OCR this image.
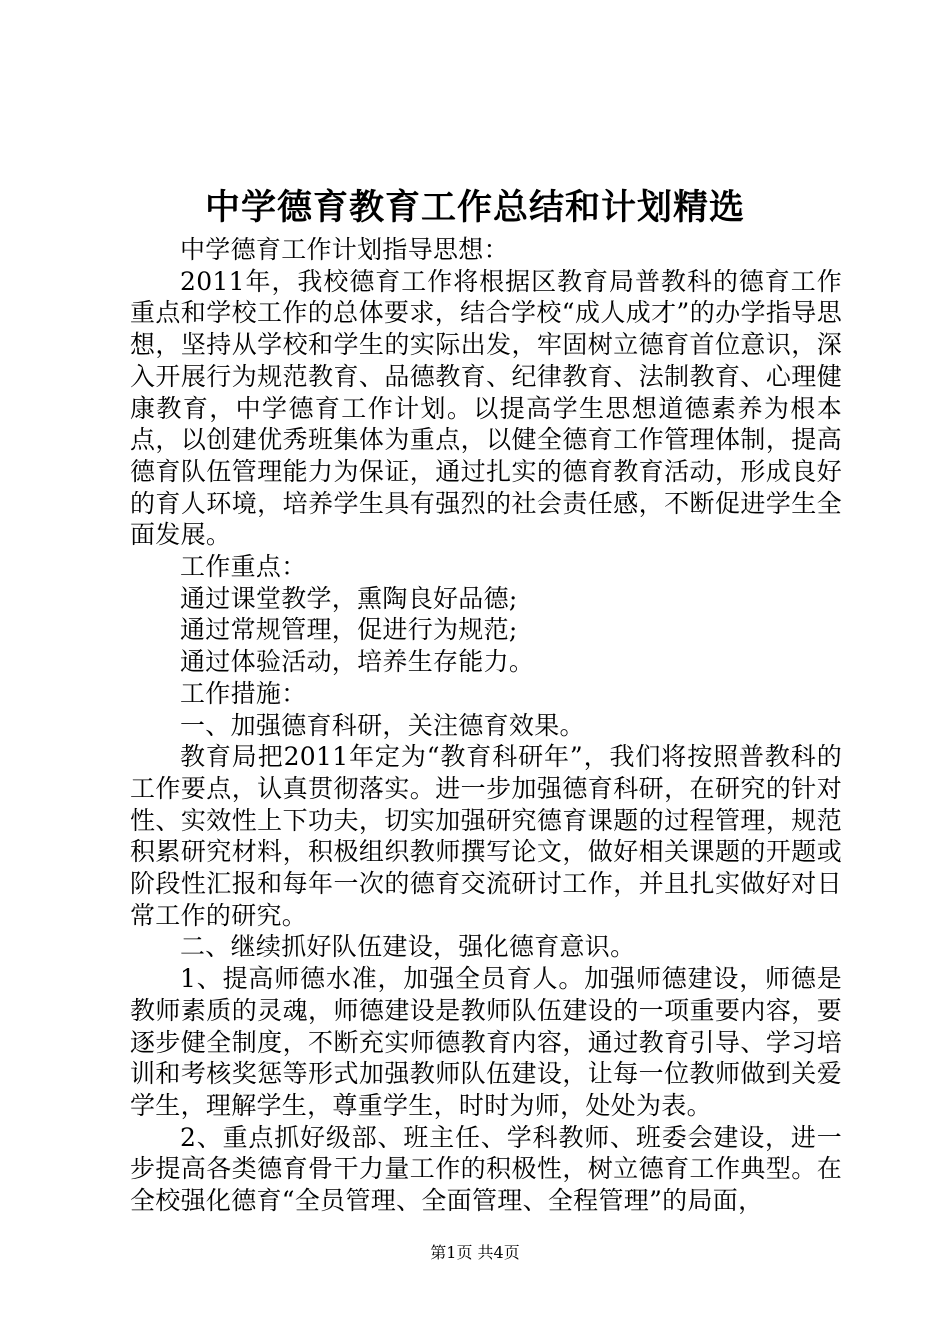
中学德育教育工作总结和计划精选

中学德育工作计划指导思想：

2011年，我校德育工作将根据区教育局普教科的德育工作重点和学校工作的总体要求，结合学校“成人成才”的办学指导思想，坚持从学校和学生的实际出发，牢固树立德育首位意识，深入开展行为规范教育、品德教育、纪律教育、法制教育、心理健康教育，中学德育工作计划。以提高学生思想道德素养为根本点，以创建优秀班集体为重点，以健全德育工作管理体制，提高德育队伍管理能力为保证，通过扎实的德育教育活动，形成良好的育人环境，培养学生具有强烈的社会责任感，不断促进学生全面发展。

工作重点：

通过课堂教学，熏陶良好品德;

通过常规管理，促进行为规范;

通过体验活动，培养生存能力。

工作措施：

一、加强德育科研，关注德育效果。

教育局把2011年定为“教育科研年”，我们将按照普教科的工作要点，认真贯彻落实。进一步加强德育科研，在研究的针对性、实效性上下功夫，切实加强研究德育课题的过程管理，规范积累研究材料，积极组织教师撰写论文，做好相关课题的开题或阶段性汇报和每年一次的德育交流研讨工作，并且扎实做好对日常工作的研究。

二、继续抓好队伍建设，强化德育意识。

1、提高师德水准，加强全员育人。加强师德建设，师德是教师素质的灵魂，师德建设是教师队伍建设的一项重要内容，要逐步健全制度，不断充实师德教育内容，通过教育引导、学习培训和考核奖惩等形式加强教师队伍建设，让每一位教师做到关爱学生，理解学生，尊重学生，时时为师，处处为表。

2、重点抓好级部、班主任、学科教师、班委会建设，进一步提高各类德育骨干力量工作的积极性，树立德育工作典型。在全校强化德育“全员管理、全面管理、全程管理”的局面，

第1页 共4页
